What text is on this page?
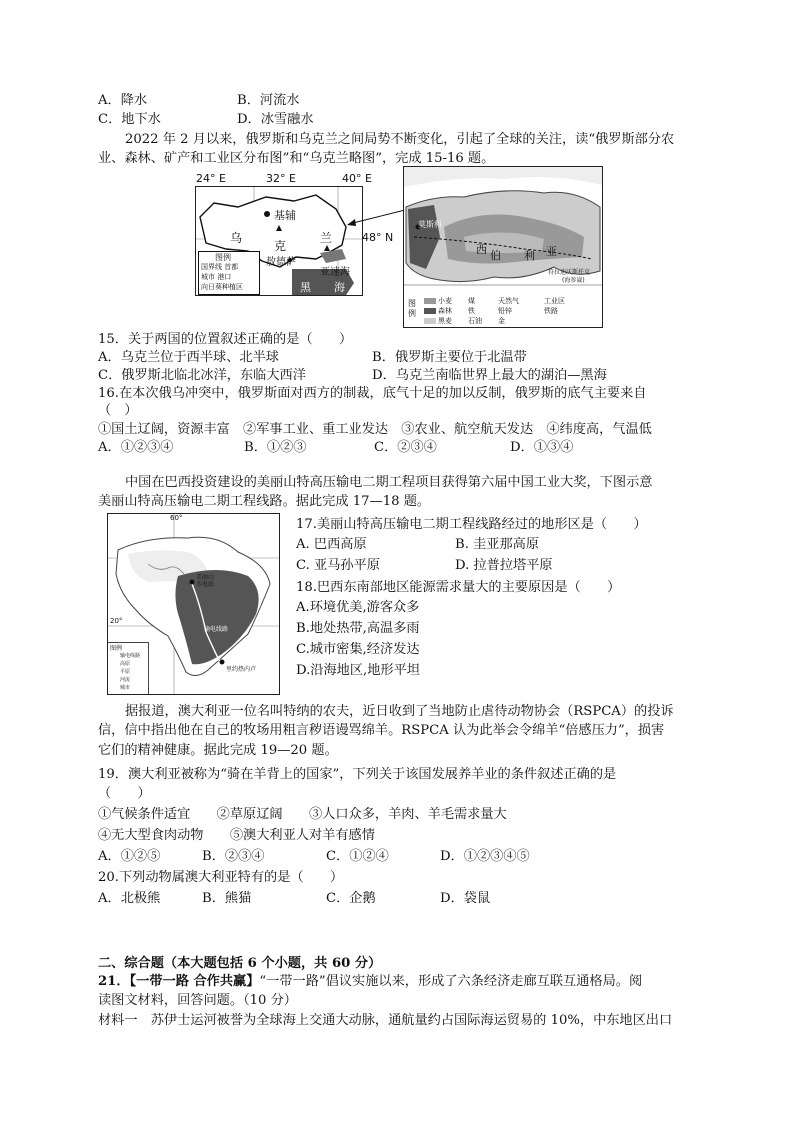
A．降水	B．河流水
C．地下水	D．冰雪融水
2022 年 2 月以来，俄罗斯和乌克兰之间局势不断变化，引起了全球的关注，读“俄罗斯部分农
业、森林、矿产和工业区分布图”和“乌克兰略图”，完成 15-16 题。
24° E	32° E	40° E
基辅
乌
克
兰
敖德萨
亚速海
黑 海
图例
国界线 首都
城市 港口
向日葵种植区
48° N
莫斯科
西 伯 利 亚
符拉迪沃斯托克
(海参崴)
图例
小麦 煤	天然气	工业区
森林 铁	铅锌	铁路
黑麦 石油 金
15．关于两国的位置叙述正确的是（　　）
A．乌克兰位于西半球、北半球	B．俄罗斯主要位于北温带
C．俄罗斯北临北冰洋，东临大西洋	D．乌克兰南临世界上最大的湖泊—黑海
16.在本次俄乌冲突中，俄罗斯面对西方的制裁，底气十足的加以反制，俄罗斯的底气主要来自
（　）
①国土辽阔，资源丰富　②军事工业、重工业发达　③农业、航空航天发达　④纬度高，气温低
A．①②③④	B．①②③	C．②③④	D．①③④
中国在巴西投资建设的美丽山特高压输电二期工程项目获得第六届中国工业大奖，下图示意
美丽山特高压输电二期工程线路。据此完成 17—18 题。
60°
20°
美丽山
水电站
输电线路
里约热内卢
图例
输电线路
高原
平原
河流
城市
17.美丽山特高压输电二期工程线路经过的地形区是（　　）
A. 巴西高原	B. 圭亚那高原
C. 亚马孙平原	D. 拉普拉塔平原
18.巴西东南部地区能源需求量大的主要原因是（　　）
A.环境优美,游客众多
B.地处热带,高温多雨
C.城市密集,经济发达
D.沿海地区,地形平坦
据报道，澳大利亚一位名叫特纳的农夫，近日收到了当地防止虐待动物协会（RSPCA）的投诉
信，信中指出他在自己的牧场用粗言秽语谩骂绵羊。RSPCA 认为此举会令绵羊“倍感压力”，损害
它们的精神健康。据此完成 19—20 题。
19．澳大利亚被称为“骑在羊背上的国家”，下列关于该国发展养羊业的条件叙述正确的是
（　　）
①气候条件适宜　　②草原辽阔　　③人口众多，羊肉、羊毛需求量大
④无大型食肉动物　　⑤澳大利亚人对羊有感情
A．①②⑤	B．②③④	C．①②④	D．①②③④⑤
20.下列动物属澳大利亚特有的是（　　）
A．北极熊	B．熊猫	C．企鹅	D．袋鼠
二、综合题（本大题包括 6 个小题，共 60 分）
21．【一带一路 合作共赢】“一带一路”倡议实施以来，形成了六条经济走廊互联互通格局。阅
读图文材料，回答问题。（10 分）
材料一　苏伊士运河被誉为全球海上交通大动脉，通航量约占国际海运贸易的 10%，中东地区出口
